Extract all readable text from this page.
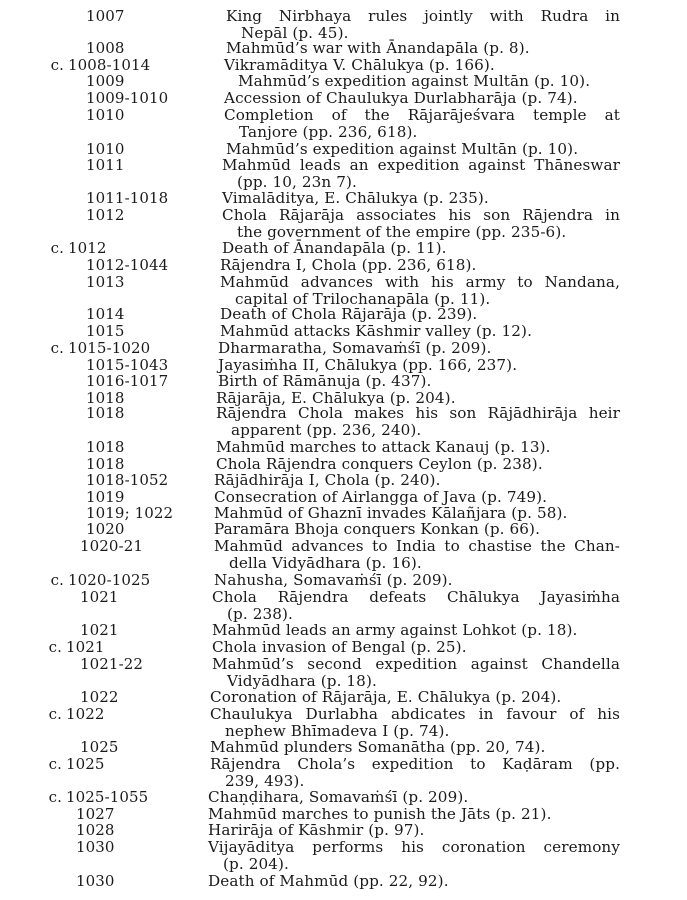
1007	King Nirbhaya rules jointly with Rudra in
Nepāl (p. 45).
1008	Mahmūd’s war with Ānandapāla (p. 8).
c. 1008-1014	Vikramāditya V. Chālukya (p. 166).
1009	Mahmūd’s expedition against Multān (p. 10).
1009-1010	Accession of Chaulukya Durlabharāja (p. 74).
1010	Completion of the Rājarājeśvara temple at
Tanjore (pp. 236, 618).
1010	Mahmūd’s expedition against Multān (p. 10).
1011	Mahmūd leads an expedition against Thāneswar
(pp. 10, 23n 7).
1011-1018	Vimalāditya, E. Chālukya (p. 235).
1012	Chola Rājarāja associates his son Rājendra in
the government of the empire (pp. 235-6).
c. 1012	Death of Ānandapāla (p. 11).
1012-1044	Rājendra I, Chola (pp. 236, 618).
1013	Mahmūd advances with his army to Nandana,
capital of Trilochanapāla (p. 11).
1014	Death of Chola Rājarāja (p. 239).
1015	Mahmūd attacks Kāshmir valley (p. 12).
c. 1015-1020	Dharmaratha, Somavaṁśī (p. 209).
1015-1043	Jayasiṁha II, Chālukya (pp. 166, 237).
1016-1017	Birth of Rāmānuja (p. 437).
1018	Rājarāja, E. Chālukya (p. 204).
1018	Rājendra Chola makes his son Rājādhirāja heir
apparent (pp. 236, 240).
1018	Mahmūd marches to attack Kanauj (p. 13).
1018	Chola Rājendra conquers Ceylon (p. 238).
1018-1052	Rājādhirāja I, Chola (p. 240).
1019	Consecration of Airlangga of Java (p. 749).
1019; 1022	Mahmūd of Ghaznī invades Kālañjara (p. 58).
1020	Paramāra Bhoja conquers Konkan (p. 66).
1020-21	Mahmūd advances to India to chastise the Chan-
della Vidyādhara (p. 16).
c. 1020-1025	Nahusha, Somavaṁśī (p. 209).
1021	Chola Rājendra defeats Chālukya Jayasiṁha
(p. 238).
1021	Mahmūd leads an army against Lohkot (p. 18).
c. 1021	Chola invasion of Bengal (p. 25).
1021-22	Mahmūd’s second expedition against Chandella
Vidyādhara (p. 18).
1022	Coronation of Rājarāja, E. Chālukya (p. 204).
c. 1022	Chaulukya Durlabha abdicates in favour of his
nephew Bhīmadeva I (p. 74).
1025	Mahmūd plunders Somanātha (pp. 20, 74).
c. 1025	Rājendra Chola’s expedition to Kaḍāram (pp.
239, 493).
c. 1025-1055	Chaṇḍihara, Somavaṁśī (p. 209).
1027	Mahmūd marches to punish the Jāts (p. 21).
1028	Harirāja of Kāshmir (p. 97).
1030	Vijayāditya performs his coronation ceremony
(p. 204).
1030	Death of Mahmūd (pp. 22, 92).
